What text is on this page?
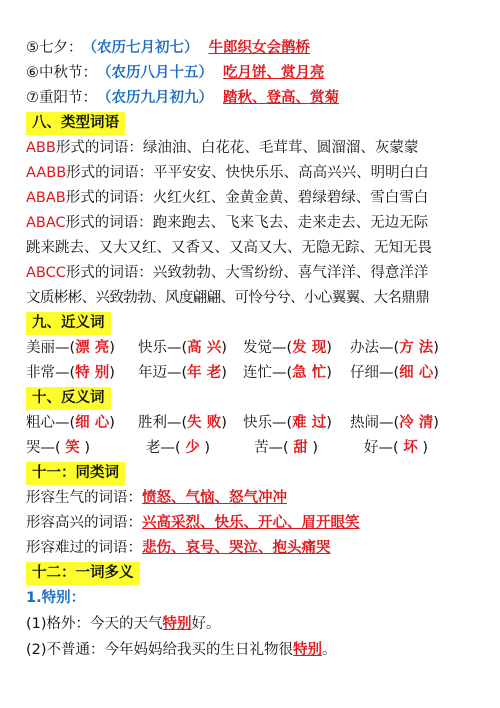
⑤七夕： （农历七月初七） 牛郎织女会鹊桥
⑥中秋节： （农历八月十五） 吃月饼、赏月亮
⑦重阳节： （农历九月初九） 踏秋、登高、赏菊
八、类型词语
ABB 形式的词语： 绿油油、白花花、毛茸茸、圆溜溜、灰蒙蒙
AABB 形式的词语： 平平安安、快快乐乐、高高兴兴、明明白白
ABAB 形式的词语： 火红火红、金黄金黄、碧绿碧绿、雪白雪白
ABAC 形式的词语： 跑来跑去、飞来飞去、走来走去、无边无际
跳来跳去、又大又红、又香又、又高又大、无隐无踪、无知无畏
ABCC 形式的词语： 兴致勃勃、大雪纷纷、喜气洋洋、得意洋洋
文质彬彬、兴致勃勃、风度翩翩、可怜兮兮、小心翼翼、大名鼎鼎
九、近义词
美丽—(漂 亮)	快乐—(高 兴)	发觉—(发 现)	办法—(方 法)
非常—(特 别)	年迈—(年 老)	连忙—(急 忙)	仔细—(细 心)
十、反义词
粗心—(细 心)	胜利—(失 败)	快乐—(难 过)	热闹—(冷 清)
哭—( 笑 )	老—( 少 )	苦—( 甜 )	好—( 坏 )
十一：同类词
形容生气的词语： 愤怒、气恼、怒气冲冲
形容高兴的词语： 兴高采烈、快乐、开心、眉开眼笑
形容难过的词语： 悲伤、哀号、哭泣、抱头痛哭
十二：一词多义
1.特别：
(1)格外：今天的天气 特别 好。
(2)不普通：今年妈妈给我买的生日礼物很 特别 。
